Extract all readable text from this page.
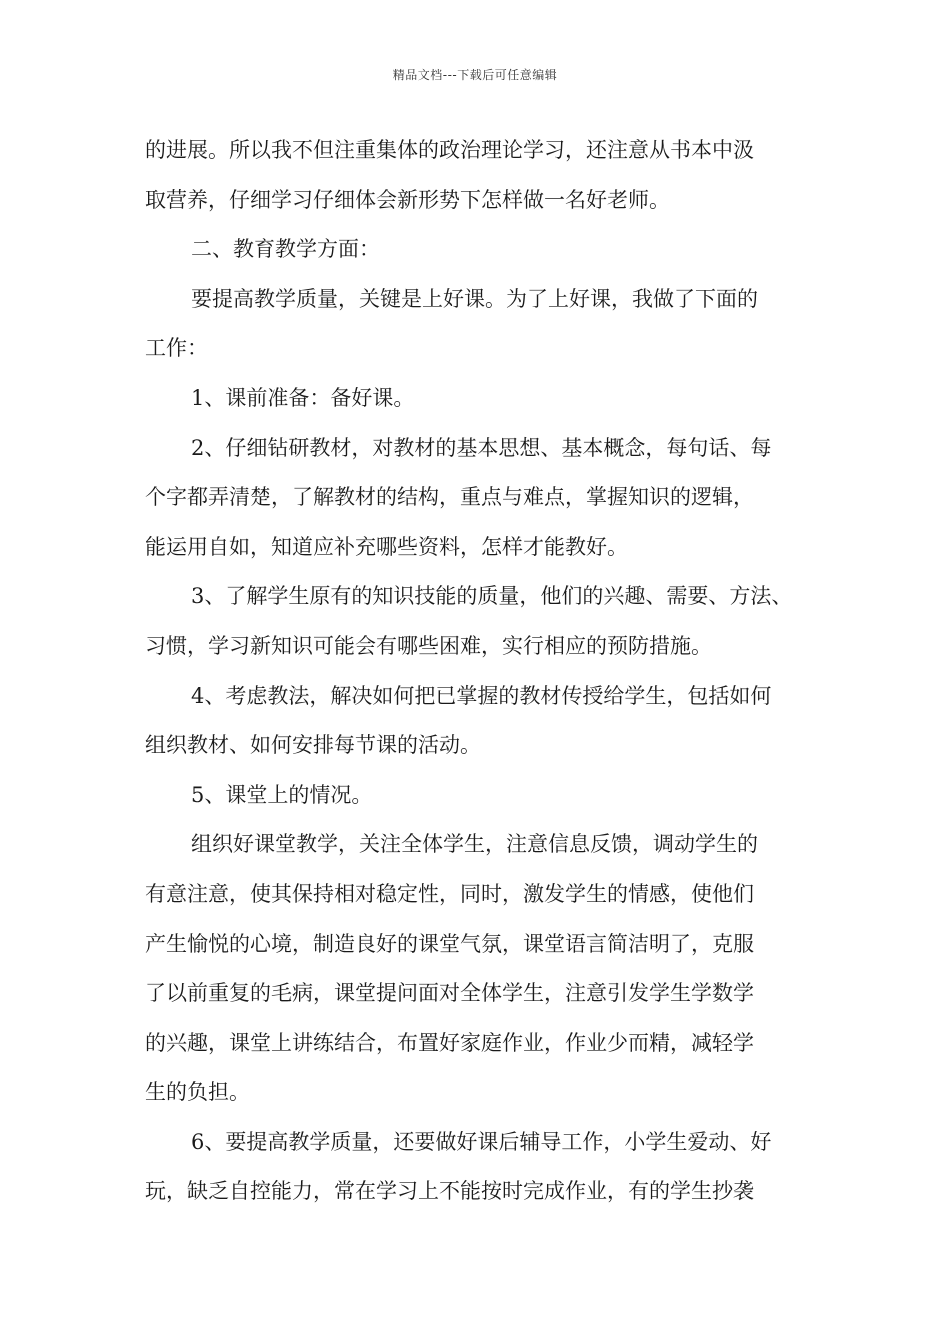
精品文档---下载后可任意编辑
的进展。所以我不但注重集体的政治理论学习，还注意从书本中汲
取营养，仔细学习仔细体会新形势下怎样做一名好老师。
二、教育教学方面：
要提高教学质量，关键是上好课。为了上好课，我做了下面的
工作：
1、课前准备：备好课。
2、仔细钻研教材，对教材的基本思想、基本概念，每句话、每
个字都弄清楚，了解教材的结构，重点与难点，掌握知识的逻辑，
能运用自如，知道应补充哪些资料，怎样才能教好。
3、了解学生原有的知识技能的质量，他们的兴趣、需要、方法、
习惯，学习新知识可能会有哪些困难，实行相应的预防措施。
4、考虑教法，解决如何把已掌握的教材传授给学生，包括如何
组织教材、如何安排每节课的活动。
5、课堂上的情况。
组织好课堂教学，关注全体学生，注意信息反馈，调动学生的
有意注意，使其保持相对稳定性，同时，激发学生的情感，使他们
产生愉悦的心境，制造良好的课堂气氛，课堂语言简洁明了，克服
了以前重复的毛病，课堂提问面对全体学生，注意引发学生学数学
的兴趣，课堂上讲练结合，布置好家庭作业，作业少而精，减轻学
生的负担。
6、要提高教学质量，还要做好课后辅导工作，小学生爱动、好
玩，缺乏自控能力，常在学习上不能按时完成作业，有的学生抄袭
